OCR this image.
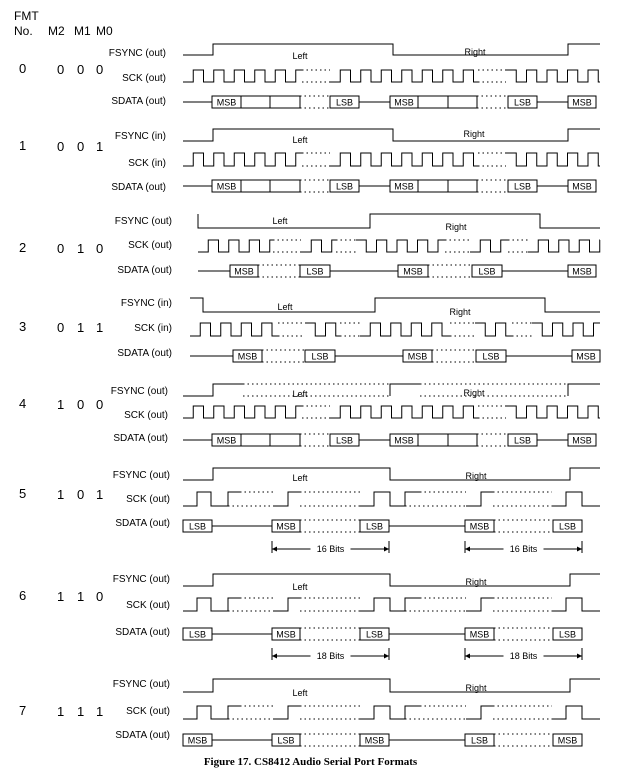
FMT
No. M2 M1 M0
0 0 0 0
FSYNC (out)
SCK (out)
SDATA (out)
1 0 0 1
FSYNC (in)
SCK (in)
SDATA (out)
2 0 1 0
FSYNC (out)
SCK (out)
SDATA (out)
3 0 1 1
FSYNC (in)
SCK (in)
SDATA (out)
4 1 0 0
FSYNC (out)
SCK (out)
SDATA (out)
5 1 0 1
FSYNC (out)
SCK (out)
SDATA (out)
6 1 1 0
FSYNC (out)
SCK (out)
SDATA (out)
7 1 1 1
FSYNC (out)
SCK (out)
SDATA (out)
Left	Right
MSB	LSB	MSB	LSB	MSB
Left
Right
MSB	LSB	MSB	LSB	MSB
Left
Right
MSB	LSB	MSB	LSB	MSB
Left	Right
MSB	LSB	MSB	LSB	MSB
Left	Right
MSB	LSB	MSB	LSB	MSB
Left	Right
LSB	MSB	LSB	MSB	LSB
16 Bits	16 Bits
Left	Right
LSB	MSB	LSB	MSB	LSB
18 Bits	18 Bits
Left	Right
MSB	LSB	MSB	LSB	MSB
Figure 17. CS8412 Audio Serial Port Formats
